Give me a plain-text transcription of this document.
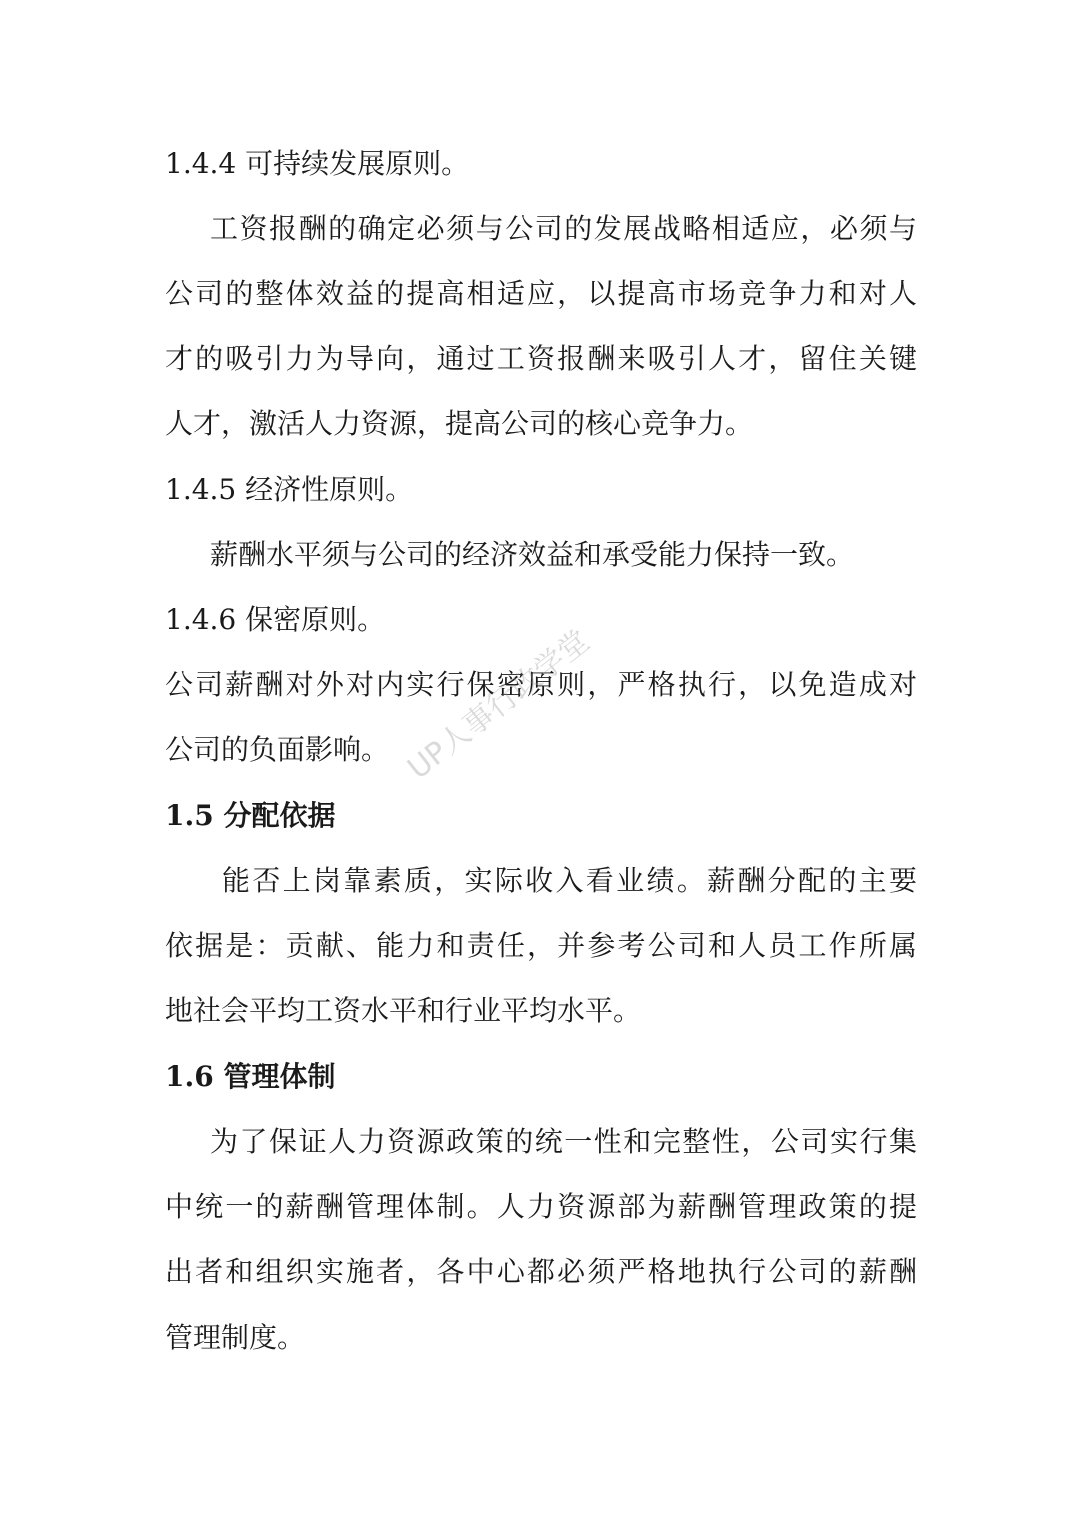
1.4.4 可持续发展原则。
工资报酬的确定必须与公司的发展战略相适应，必须与
公司的整体效益的提高相适应，以提高市场竞争力和对人
才的吸引力为导向，通过工资报酬来吸引人才，留住关键
人才，激活人力资源，提高公司的核心竞争力。
1.4.5 经济性原则。
薪酬水平须与公司的经济效益和承受能力保持一致。
1.4.6 保密原则。
公司薪酬对外对内实行保密原则，严格执行，以免造成对
公司的负面影响。
1.5 分配依据
能否上岗靠素质，实际收入看业绩。薪酬分配的主要
依据是：贡献、能力和责任，并参考公司和人员工作所属
地社会平均工资水平和行业平均水平。
1.6 管理体制
为了保证人力资源政策的统一性和完整性，公司实行集
中统一的薪酬管理体制。人力资源部为薪酬管理政策的提
出者和组织实施者，各中心都必须严格地执行公司的薪酬
管理制度。
UP人事行政学堂
